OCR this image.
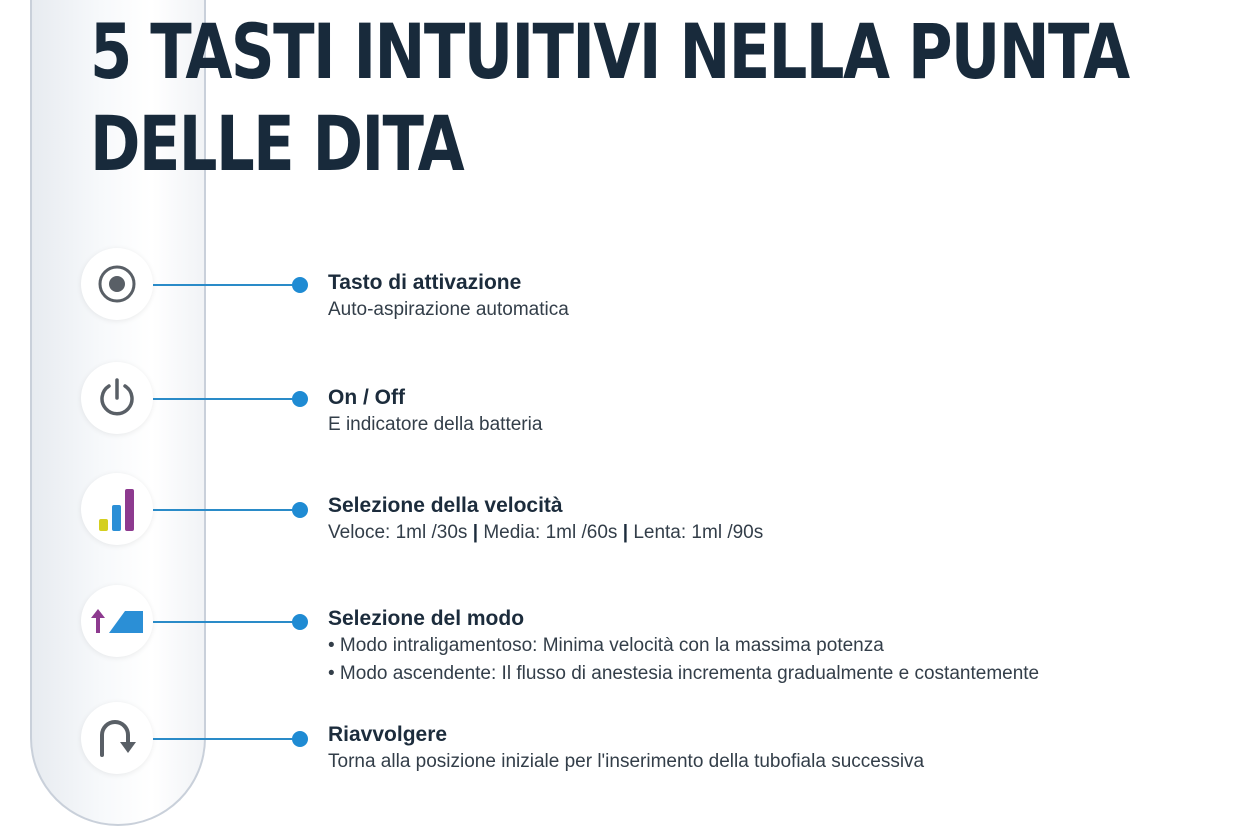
5 TASTI INTUITIVI NELLA PUNTA
DELLE DITA
Tasto di attivazione
Auto-aspirazione automatica
On / Off
E indicatore della batteria
Selezione della velocità
Veloce: 1ml /30s | Media: 1ml /60s | Lenta: 1ml /90s
Selezione del modo
• Modo intraligamentoso: Minima velocità con la massima potenza
• Modo ascendente: Il flusso di anestesia incrementa gradualmente e costantemente
Riavvolgere
Torna alla posizione iniziale per l'inserimento della tubofiala successiva
